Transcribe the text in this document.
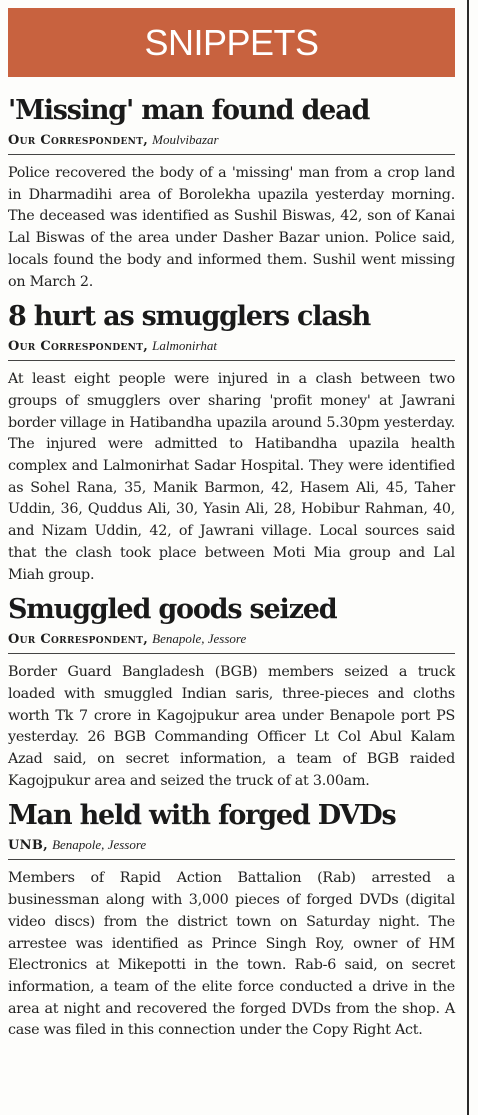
SNIPPETS
'Missing' man found dead
Our Correspondent, Moulvibazar
Police recovered the body of a 'missing' man from a crop land in Dharmadihi area of Borolekha upazila yesterday morning. The deceased was identified as Sushil Biswas, 42, son of Kanai Lal Biswas of the area under Dasher Bazar union. Police said, locals found the body and informed them. Sushil went missing on March 2.
8 hurt as smugglers clash
Our Correspondent, Lalmonirhat
At least eight people were injured in a clash between two groups of smugglers over sharing 'profit money' at Jawrani border village in Hatibandha upazila around 5.30pm yesterday. The injured were admitted to Hatibandha upazila health complex and Lalmonirhat Sadar Hospital. They were identified as Sohel Rana, 35, Manik Barmon, 42, Hasem Ali, 45, Taher Uddin, 36, Quddus Ali, 30, Yasin Ali, 28, Hobibur Rahman, 40, and Nizam Uddin, 42, of Jawrani village. Local sources said that the clash took place between Moti Mia group and Lal Miah group.
Smuggled goods seized
Our Correspondent, Benapole, Jessore
Border Guard Bangladesh (BGB) members seized a truck loaded with smuggled Indian saris, three-pieces and cloths worth Tk 7 crore in Kagojpukur area under Benapole port PS yesterday. 26 BGB Commanding Officer Lt Col Abul Kalam Azad said, on secret information, a team of BGB raided Kagojpukur area and seized the truck of at 3.00am.
Man held with forged DVDs
UNB, Benapole, Jessore
Members of Rapid Action Battalion (Rab) arrested a businessman along with 3,000 pieces of forged DVDs (digital video discs) from the district town on Saturday night. The arrestee was identified as Prince Singh Roy, owner of HM Electronics at Mikepotti in the town. Rab-6 said, on secret information, a team of the elite force conducted a drive in the area at night and recovered the forged DVDs from the shop. A case was filed in this connection under the Copy Right Act.
